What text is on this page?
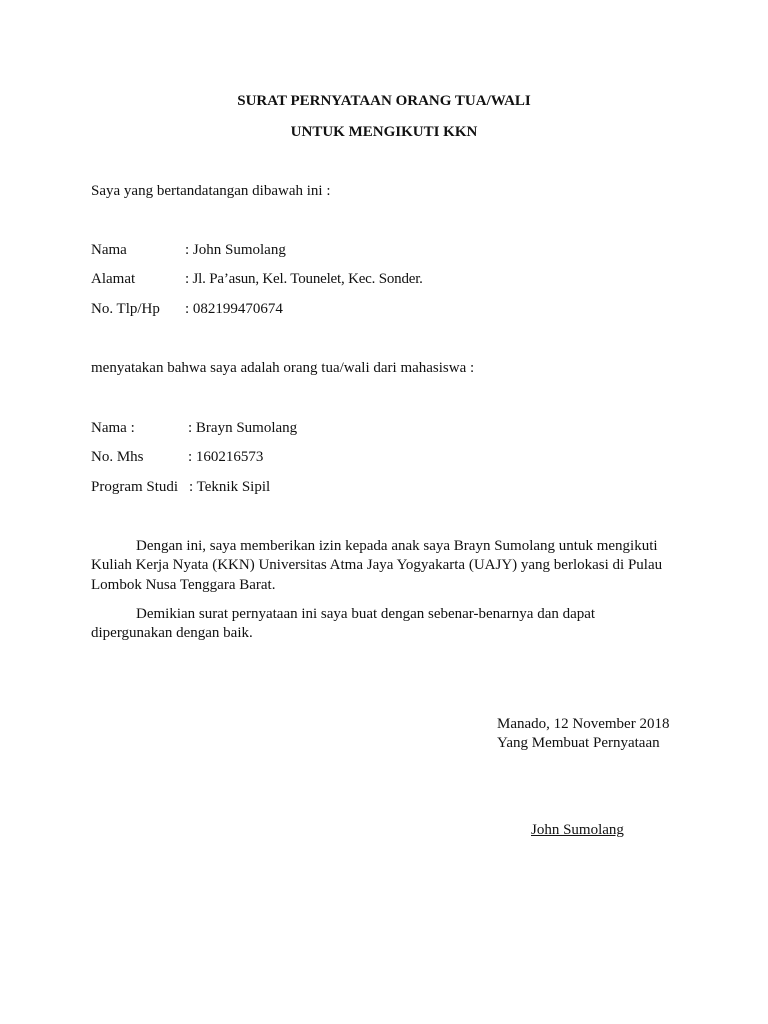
SURAT PERNYATAAN ORANG TUA/WALI
UNTUK MENGIKUTI KKN
Saya yang bertandatangan dibawah ini :
Nama	: John Sumolang
Alamat	: Jl. Pa’asun, Kel. Tounelet, Kec. Sonder.
No. Tlp/Hp : 082199470674
menyatakan bahwa saya adalah orang tua/wali dari mahasiswa :
Nama :	: Brayn Sumolang
No. Mhs	: 160216573
Program Studi : Teknik Sipil
Dengan ini, saya memberikan izin kepada anak saya Brayn Sumolang untuk mengikuti
Kuliah Kerja Nyata (KKN) Universitas Atma Jaya Yogyakarta (UAJY) yang berlokasi di Pulau
Lombok Nusa Tenggara Barat.
Demikian surat pernyataan ini saya buat dengan sebenar-benarnya dan dapat
dipergunakan dengan baik.
Manado, 12 November 2018
Yang Membuat Pernyataan
John Sumolang
